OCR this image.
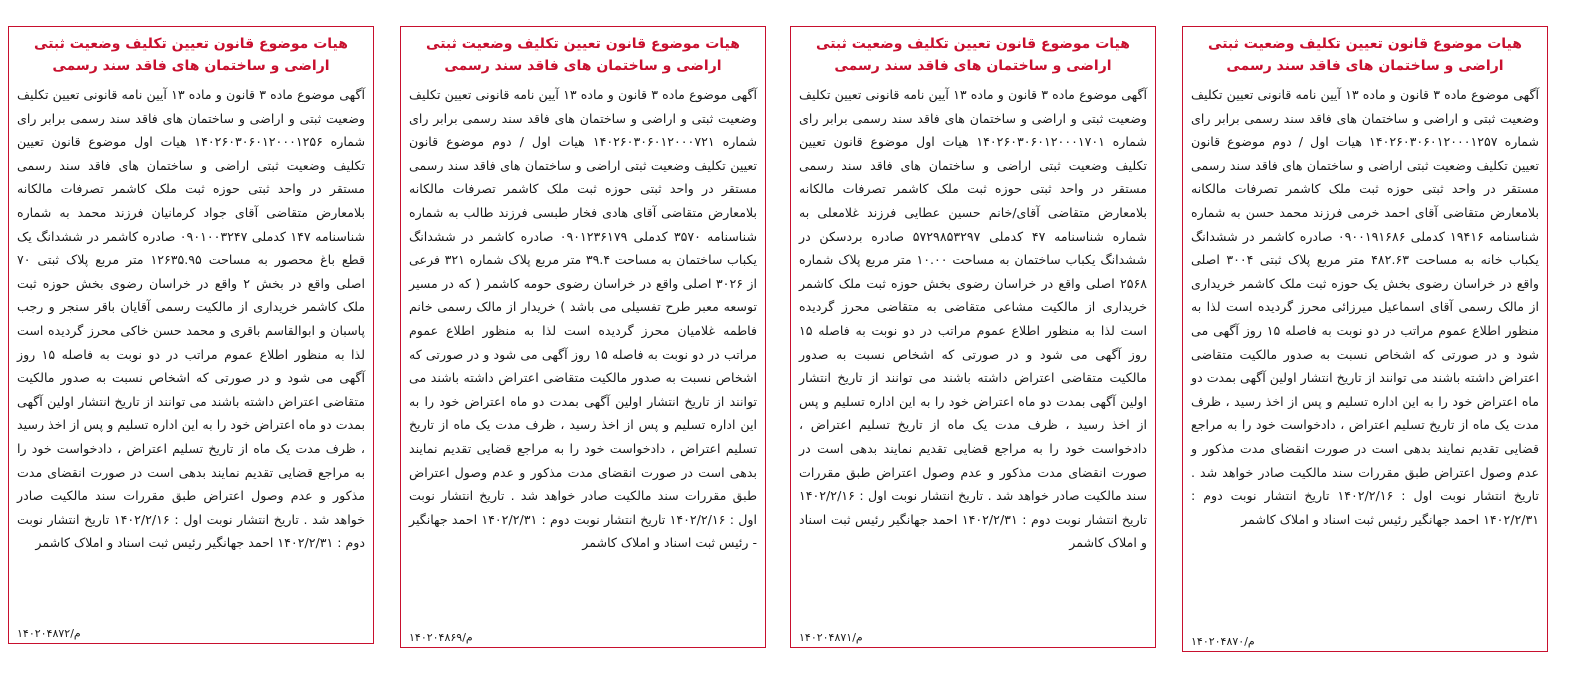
هیات موضوع قانون تعیین تکلیف وضعیت ثبتی اراضی و ساختمان های فاقد سند رسمی
آگهی موضوع ماده ۳ قانون و ماده ۱۳ آیین نامه قانونی تعیین تکلیف وضعیت ثبتی و اراضی و ساختمان های فاقد سند رسمی برابر رای شماره ۱۴۰۲۶۰۳۰۶۰۱۲۰۰۰۱۲۵۷ هیات اول / دوم موضوع قانون تعیین تکلیف وضعیت ثبتی اراضی و ساختمان های فاقد سند رسمی مستقر در واحد ثبتی حوزه ثبت ملک کاشمر تصرفات مالکانه بلامعارض متقاضی آقای احمد خرمی فرزند محمد حسن به شماره شناسنامه ۱۹۴۱۶ کدملی ۰۹۰۰۱۹۱۶۸۶ صادره کاشمر در ششدانگ یکباب خانه به مساحت ۴۸۲.۶۳ متر مربع پلاک ثبتی ۳۰۰۴ اصلی واقع در خراسان رضوی بخش یک حوزه ثبت ملک کاشمر خریداری از مالک رسمی آقای اسماعیل میرزائی محرز گردیده است لذا به منظور اطلاع عموم مراتب در دو نوبت به فاصله ۱۵ روز آگهی می شود و در صورتی که اشخاص نسبت به صدور مالکیت متقاضی اعتراض داشته باشند می توانند از تاریخ انتشار اولین آگهی بمدت دو ماه اعتراض خود را به این اداره تسلیم و پس از اخذ رسید ، ظرف مدت یک ماه از تاریخ تسلیم اعتراض ، دادخواست خود را به مراجع قضایی تقدیم نمایند بدهی است در صورت انقضای مدت مذکور و عدم وصول اعتراض طبق مقررات سند مالکیت صادر خواهد شد . تاریخ انتشار نوبت اول : ۱۴۰۲/۲/۱۶ تاریخ انتشار نوبت دوم : ۱۴۰۲/۲/۳۱ احمد جهانگیر رئیس ثبت اسناد و املاک کاشمر
م/۱۴۰۲۰۴۸۷۰
هیات موضوع قانون تعیین تکلیف وضعیت ثبتی اراضی و ساختمان های فاقد سند رسمی
آگهی موضوع ماده ۳ قانون و ماده ۱۳ آیین نامه قانونی تعیین تکلیف وضعیت ثبتی و اراضی و ساختمان های فاقد سند رسمی برابر رای شماره ۱۴۰۲۶۰۳۰۶۰۱۲۰۰۰۱۷۰۱ هیات اول موضوع قانون تعیین تکلیف وضعیت ثبتی اراضی و ساختمان های فاقد سند رسمی مستقر در واحد ثبتی حوزه ثبت ملک کاشمر تصرفات مالکانه بلامعارض متقاضی آقای/خانم حسین عطایی فرزند غلامعلی به شماره شناسنامه ۴۷ کدملی ۵۷۲۹۸۵۳۲۹۷ صادره بردسکن در ششدانگ یکباب ساختمان به مساحت ۱۰.۰۰ متر مربع پلاک شماره ۲۵۶۸ اصلی واقع در خراسان رضوی بخش حوزه ثبت ملک کاشمر خریداری از مالکیت مشاعی متقاضی به متقاضی محرز گردیده است لذا به منظور اطلاع عموم مراتب در دو نوبت به فاصله ۱۵ روز آگهی می شود و در صورتی که اشخاص نسبت به صدور مالکیت متقاضی اعتراض داشته باشند می توانند از تاریخ انتشار اولین آگهی بمدت دو ماه اعتراض خود را به این اداره تسلیم و پس از اخذ رسید ، ظرف مدت یک ماه از تاریخ تسلیم اعتراض ، دادخواست خود را به مراجع قضایی تقدیم نمایند بدهی است در صورت انقضای مدت مذکور و عدم وصول اعتراض طبق مقررات سند مالکیت صادر خواهد شد . تاریخ انتشار نوبت اول : ۱۴۰۲/۲/۱۶ تاریخ انتشار نوبت دوم : ۱۴۰۲/۲/۳۱ احمد جهانگیر رئیس ثبت اسناد و املاک کاشمر
م/۱۴۰۲۰۴۸۷۱
هیات موضوع قانون تعیین تکلیف وضعیت ثبتی اراضی و ساختمان های فاقد سند رسمی
آگهی موضوع ماده ۳ قانون و ماده ۱۳ آیین نامه قانونی تعیین تکلیف وضعیت ثبتی و اراضی و ساختمان های فاقد سند رسمی برابر رای شماره ۱۴۰۲۶۰۳۰۶۰۱۲۰۰۰۷۲۱ هیات اول / دوم موضوع قانون تعیین تکلیف وضعیت ثبتی اراضی و ساختمان های فاقد سند رسمی مستقر در واحد ثبتی حوزه ثبت ملک کاشمر تصرفات مالکانه بلامعارض متقاضی آقای هادی فخار طبسی فرزند طالب به شماره شناسنامه ۳۵۷۰ کدملی ۰۹۰۱۲۳۶۱۷۹ صادره کاشمر در ششدانگ یکباب ساختمان به مساحت ۳۹.۴ متر مربع پلاک شماره ۳۲۱ فرعی از ۳۰۲۶ اصلی واقع در خراسان رضوی حومه کاشمر ( که در مسیر توسعه معبر طرح تفسیلی می باشد ) خریدار از مالک رسمی خانم فاطمه غلامیان محرز گردیده است لذا به منظور اطلاع عموم مراتب در دو نوبت به فاصله ۱۵ روز آگهی می شود و در صورتی که اشخاص نسبت به صدور مالکیت متقاضی اعتراض داشته باشند می توانند از تاریخ انتشار اولین آگهی بمدت دو ماه اعتراض خود را به این اداره تسلیم و پس از اخذ رسید ، ظرف مدت یک ماه از تاریخ تسلیم اعتراض ، دادخواست خود را به مراجع قضایی تقدیم نمایند بدهی است در صورت انقضای مدت مذکور و عدم وصول اعتراض طبق مقررات سند مالکیت صادر خواهد شد . تاریخ انتشار نوبت اول : ۱۴۰۲/۲/۱۶ تاریخ انتشار نوبت دوم : ۱۴۰۲/۲/۳۱ احمد جهانگیر - رئیس ثبت اسناد و املاک کاشمر
م/۱۴۰۲۰۴۸۶۹
هیات موضوع قانون تعیین تکلیف وضعیت ثبتی اراضی و ساختمان های فاقد سند رسمی
آگهی موضوع ماده ۳ قانون و ماده ۱۳ آیین نامه قانونی تعیین تکلیف وضعیت ثبتی و اراضی و ساختمان های فاقد سند رسمی برابر رای شماره ۱۴۰۲۶۰۳۰۶۰۱۲۰۰۰۱۲۵۶ هیات اول موضوع قانون تعیین تکلیف وضعیت ثبتی اراضی و ساختمان های فاقد سند رسمی مستقر در واحد ثبتی حوزه ثبت ملک کاشمر تصرفات مالکانه بلامعارض متقاضی آقای جواد کرمانیان فرزند محمد به شماره شناسنامه ۱۴۷ کدملی ۰۹۰۱۰۰۳۲۴۷ صادره کاشمر در ششدانگ یک قطع باغ محصور به مساحت ۱۲۶۳۵.۹۵ متر مربع پلاک ثبتی ۷۰ اصلی واقع در بخش ۲ واقع در خراسان رضوی بخش حوزه ثبت ملک کاشمر خریداری از مالکیت رسمی آقایان باقر سنجر و رجب پاسبان و ابوالقاسم باقری و محمد حسن خاکی محرز گردیده است لذا به منظور اطلاع عموم مراتب در دو نوبت به فاصله ۱۵ روز آگهی می شود و در صورتی که اشخاص نسبت به صدور مالکیت متقاضی اعتراض داشته باشند می توانند از تاریخ انتشار اولین آگهی بمدت دو ماه اعتراض خود را به این اداره تسلیم و پس از اخذ رسید ، ظرف مدت یک ماه از تاریخ تسلیم اعتراض ، دادخواست خود را به مراجع قضایی تقدیم نمایند بدهی است در صورت انقضای مدت مذکور و عدم وصول اعتراض طبق مقررات سند مالکیت صادر خواهد شد . تاریخ انتشار نوبت اول : ۱۴۰۲/۲/۱۶ تاریخ انتشار نوبت دوم : ۱۴۰۲/۲/۳۱ احمد جهانگیر رئیس ثبت اسناد و املاک کاشمر
م/۱۴۰۲۰۴۸۷۲
